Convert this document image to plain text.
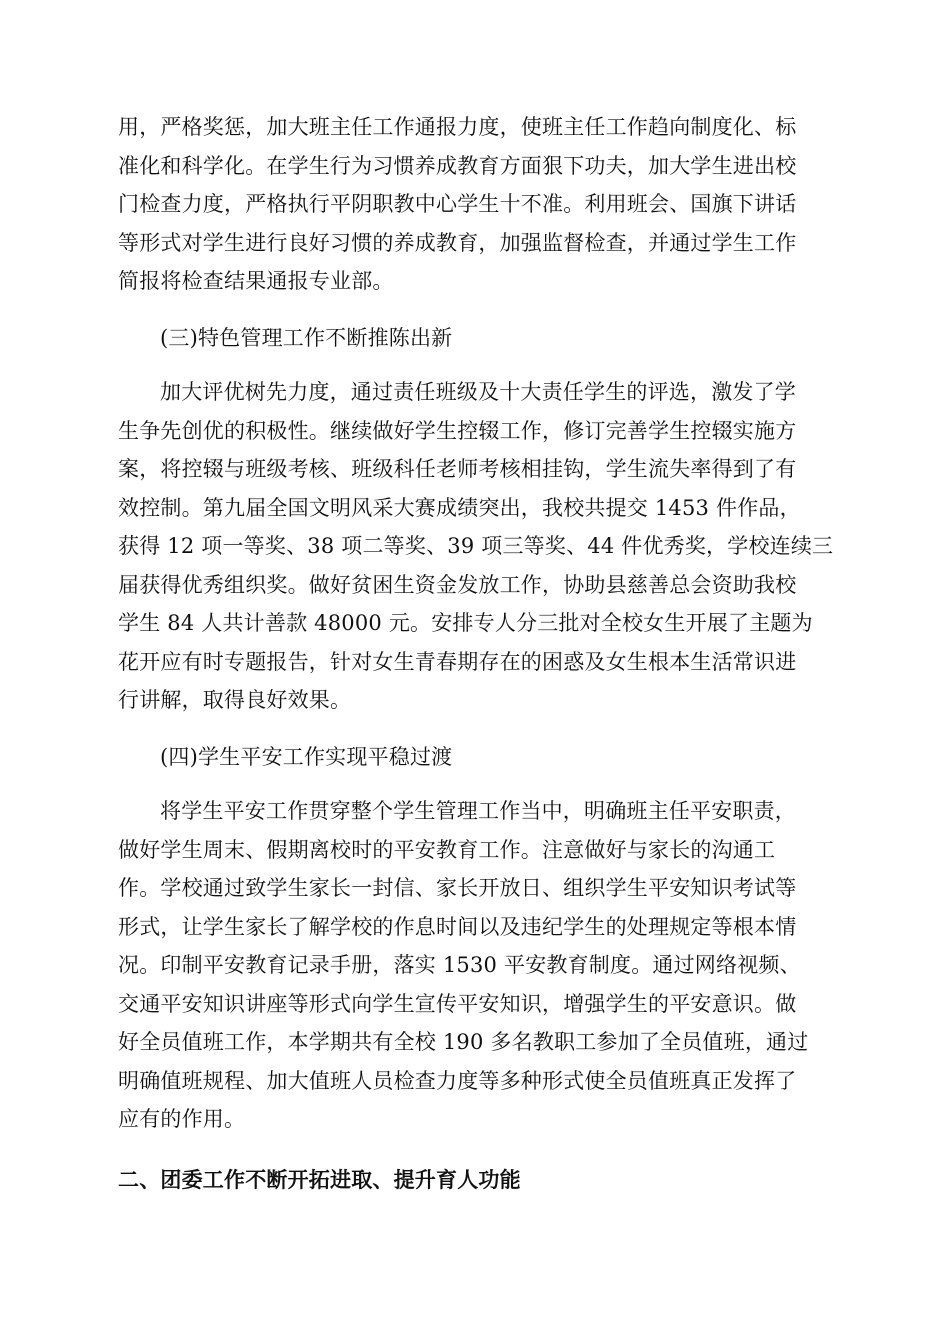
用，严格奖惩，加大班主任工作通报力度，使班主任工作趋向制度化、标
准化和科学化。在学生行为习惯养成教育方面狠下功夫，加大学生进出校
门检查力度，严格执行平阴职教中心学生十不准。利用班会、国旗下讲话
等形式对学生进行良好习惯的养成教育，加强监督检查，并通过学生工作
简报将检查结果通报专业部。
(三)特色管理工作不断推陈出新
加大评优树先力度，通过责任班级及十大责任学生的评选，激发了学
生争先创优的积极性。继续做好学生控辍工作，修订完善学生控辍实施方
案，将控辍与班级考核、班级科任老师考核相挂钩，学生流失率得到了有
效控制。第九届全国文明风采大赛成绩突出，我校共提交 1453 件作品，
获得 12 项一等奖、38 项二等奖、39 项三等奖、44 件优秀奖，学校连续三
届获得优秀组织奖。做好贫困生资金发放工作，协助县慈善总会资助我校
学生 84 人共计善款 48000 元。安排专人分三批对全校女生开展了主题为
花开应有时专题报告，针对女生青春期存在的困惑及女生根本生活常识进
行讲解，取得良好效果。
(四)学生平安工作实现平稳过渡
将学生平安工作贯穿整个学生管理工作当中，明确班主任平安职责，
做好学生周末、假期离校时的平安教育工作。注意做好与家长的沟通工
作。学校通过致学生家长一封信、家长开放日、组织学生平安知识考试等
形式，让学生家长了解学校的作息时间以及违纪学生的处理规定等根本情
况。印制平安教育记录手册，落实 1530 平安教育制度。通过网络视频、
交通平安知识讲座等形式向学生宣传平安知识，增强学生的平安意识。做
好全员值班工作，本学期共有全校 190 多名教职工参加了全员值班，通过
明确值班规程、加大值班人员检查力度等多种形式使全员值班真正发挥了
应有的作用。
二、团委工作不断开拓进取、提升育人功能
